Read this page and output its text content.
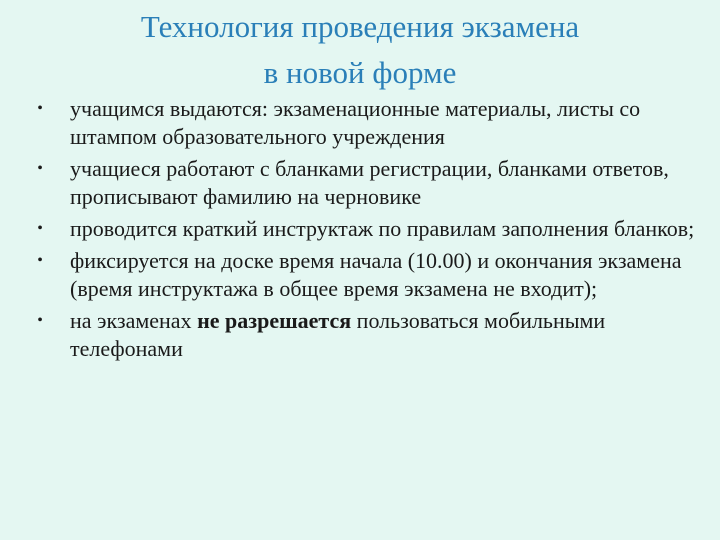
Технология проведения экзамена
в новой форме
•	учащимся выдаются: экзаменационные материалы, листы со штампом образовательного учреждения
•	учащиеся работают с бланками регистрации, бланками ответов, прописывают фамилию на черновике
•	проводится краткий инструктаж по правилам заполнения бланков;
•	фиксируется на доске время начала (10.00) и окончания экзамена (время инструктажа в общее время экзамена не входит);
•	на экзаменах не разрешается пользоваться мобильными телефонами
